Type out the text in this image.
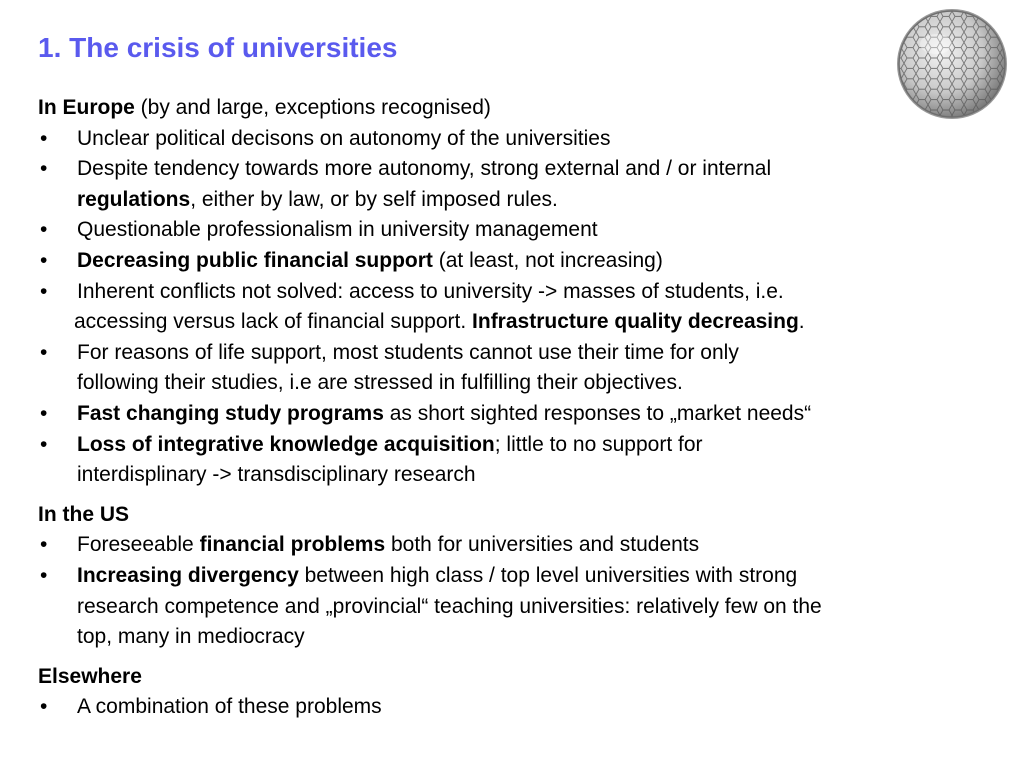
1. The crisis of universities

In Europe (by and large, exceptions recognised)

• Unclear political decisons on autonomy of the universities
• Despite tendency towards more autonomy, strong external and / or internal
regulations, either by law, or by self imposed rules.
• Questionable professionalism in university management
• Decreasing public financial support (at least, not increasing)
• Inherent conflicts not solved: access to university -> masses of students, i.e.
accessing versus lack of financial support. Infrastructure quality decreasing.
• For reasons of life support, most students cannot use their time for only
following their studies, i.e are stressed in fulfilling their objectives.
• Fast changing study programs as short sighted responses to „market needs“
• Loss of integrative knowledge acquisition; little to no support for
interdisplinary -> transdisciplinary research

In the US

• Foreseeable financial problems both for universities and students
• Increasing divergency between high class / top level universities with strong
research competence and „provincial“ teaching universities: relatively few on the
top, many in mediocracy

Elsewhere

• A combination of these problems
